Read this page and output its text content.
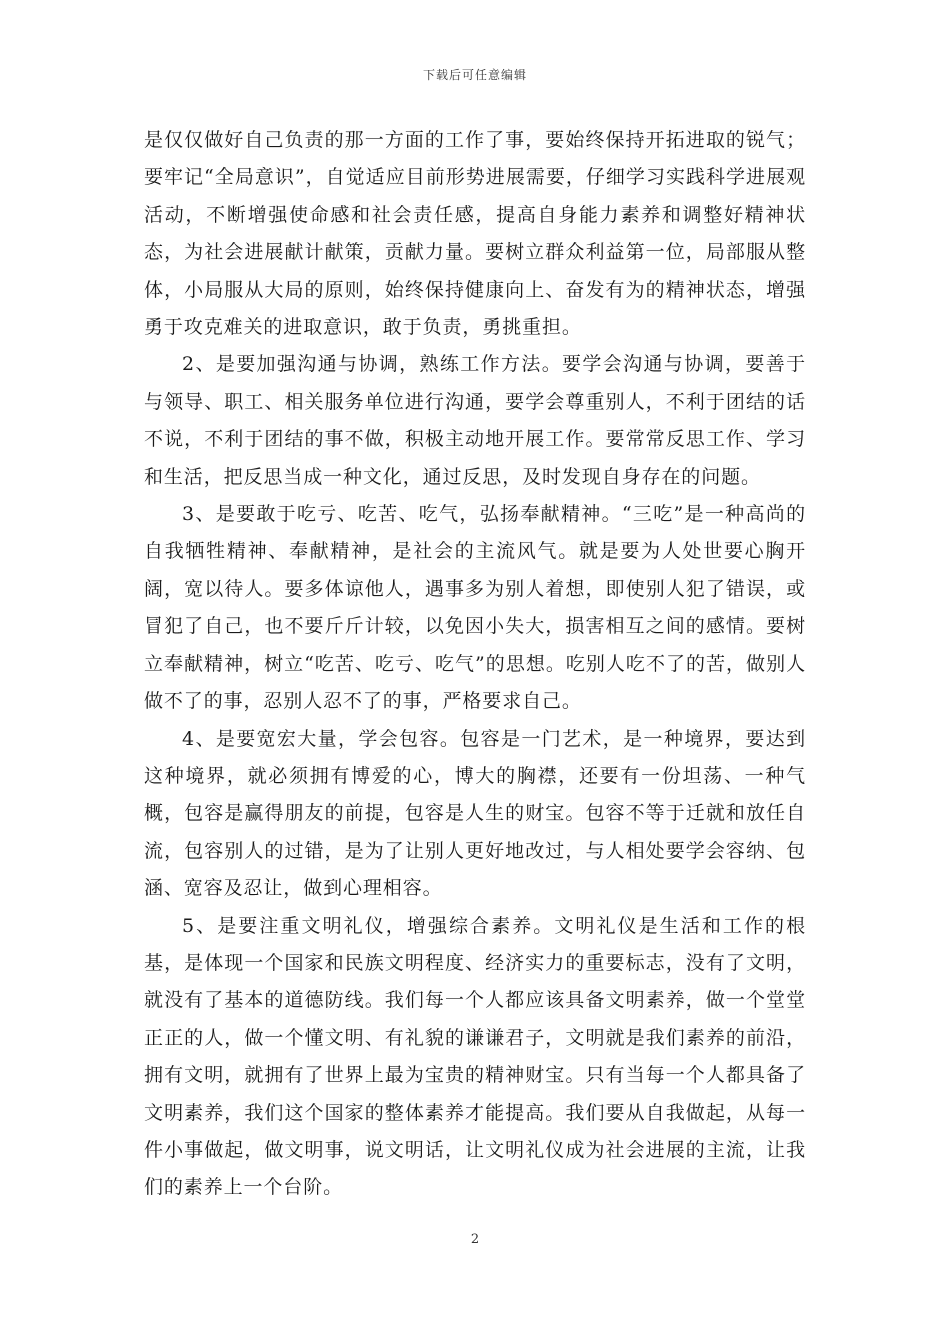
下载后可任意编辑

是仅仅做好自己负责的那一方面的工作了事，要始终保持开拓进取的锐气；要牢记“全局意识”，自觉适应目前形势进展需要，仔细学习实践科学进展观活动，不断增强使命感和社会责任感，提高自身能力素养和调整好精神状态，为社会进展献计献策，贡献力量。要树立群众利益第一位，局部服从整体，小局服从大局的原则，始终保持健康向上、奋发有为的精神状态，增强勇于攻克难关的进取意识，敢于负责，勇挑重担。

2、是要加强沟通与协调，熟练工作方法。要学会沟通与协调，要善于与领导、职工、相关服务单位进行沟通，要学会尊重别人，不利于团结的话不说，不利于团结的事不做，积极主动地开展工作。要常常反思工作、学习和生活，把反思当成一种文化，通过反思，及时发现自身存在的问题。

3、是要敢于吃亏、吃苦、吃气，弘扬奉献精神。“三吃”是一种高尚的自我牺牲精神、奉献精神，是社会的主流风气。就是要为人处世要心胸开阔，宽以待人。要多体谅他人，遇事多为别人着想，即使别人犯了错误，或冒犯了自己，也不要斤斤计较，以免因小失大，损害相互之间的感情。要树立奉献精神，树立“吃苦、吃亏、吃气”的思想。吃别人吃不了的苦，做别人做不了的事，忍别人忍不了的事，严格要求自己。

4、是要宽宏大量，学会包容。包容是一门艺术，是一种境界，要达到这种境界，就必须拥有博爱的心，博大的胸襟，还要有一份坦荡、一种气概，包容是赢得朋友的前提，包容是人生的财宝。包容不等于迁就和放任自流，包容别人的过错，是为了让别人更好地改过，与人相处要学会容纳、包涵、宽容及忍让，做到心理相容。

5、是要注重文明礼仪，增强综合素养。文明礼仪是生活和工作的根基，是体现一个国家和民族文明程度、经济实力的重要标志，没有了文明，就没有了基本的道德防线。我们每一个人都应该具备文明素养，做一个堂堂正正的人，做一个懂文明、有礼貌的谦谦君子，文明就是我们素养的前沿，拥有文明，就拥有了世界上最为宝贵的精神财宝。只有当每一个人都具备了文明素养，我们这个国家的整体素养才能提高。我们要从自我做起，从每一件小事做起，做文明事，说文明话，让文明礼仪成为社会进展的主流，让我们的素养上一个台阶。

2
